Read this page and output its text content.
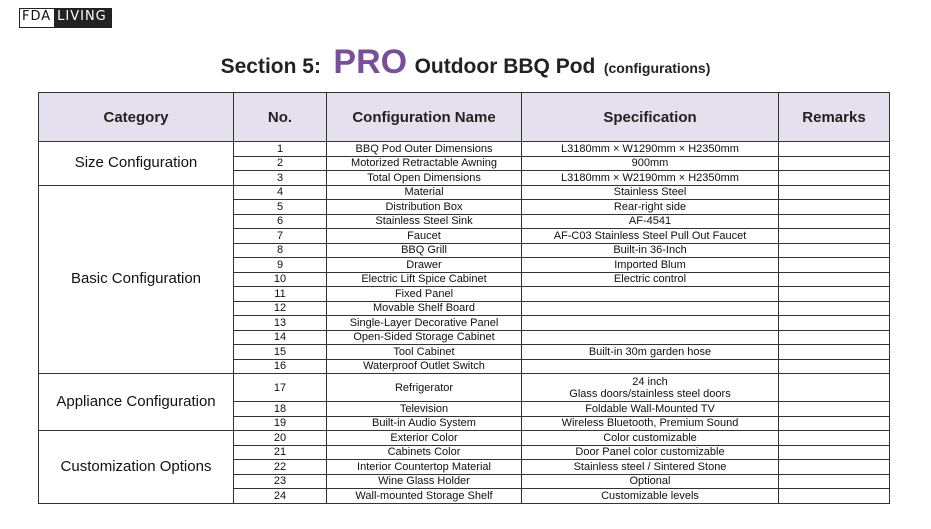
FDA LIVING
Section 5: PRO Outdoor BBQ Pod (configurations)
Category	No.	Configuration Name	Specification	Remarks
Size Configuration	1	BBQ Pod Outer Dimensions	L3180mm × W1290mm × H2350mm	
	2	Motorized Retractable Awning	900mm	
	3	Total Open Dimensions	L3180mm × W2190mm × H2350mm	
Basic Configuration	4	Material	Stainless Steel	
	5	Distribution Box	Rear-right side	
	6	Stainless Steel Sink	AF-4541	
	7	Faucet	AF-C03 Stainless Steel Pull Out Faucet	
	8	BBQ Grill	Built-in 36-Inch	
	9	Drawer	Imported Blum	
	10	Electric Lift Spice Cabinet	Electric control	
	11	Fixed Panel		
	12	Movable Shelf Board		
	13	Single-Layer Decorative Panel		
	14	Open-Sided Storage Cabinet		
	15	Tool Cabinet	Built-in 30m garden hose	
	16	Waterproof Outlet Switch		
Appliance Configuration	17	Refrigerator	24 inch
Glass doors/stainless steel doors	

	18	Television	Foldable Wall-Mounted TV	
	19	Built-in Audio System	Wireless Bluetooth, Premium Sound	
Customization Options	20	Exterior Color	Color customizable	
	21	Cabinets Color	Door Panel color customizable	
	22	Interior Countertop Material	Stainless steel / Sintered Stone	
	23	Wine Glass Holder	Optional	
	24	Wall-mounted Storage Shelf	Customizable levels	
